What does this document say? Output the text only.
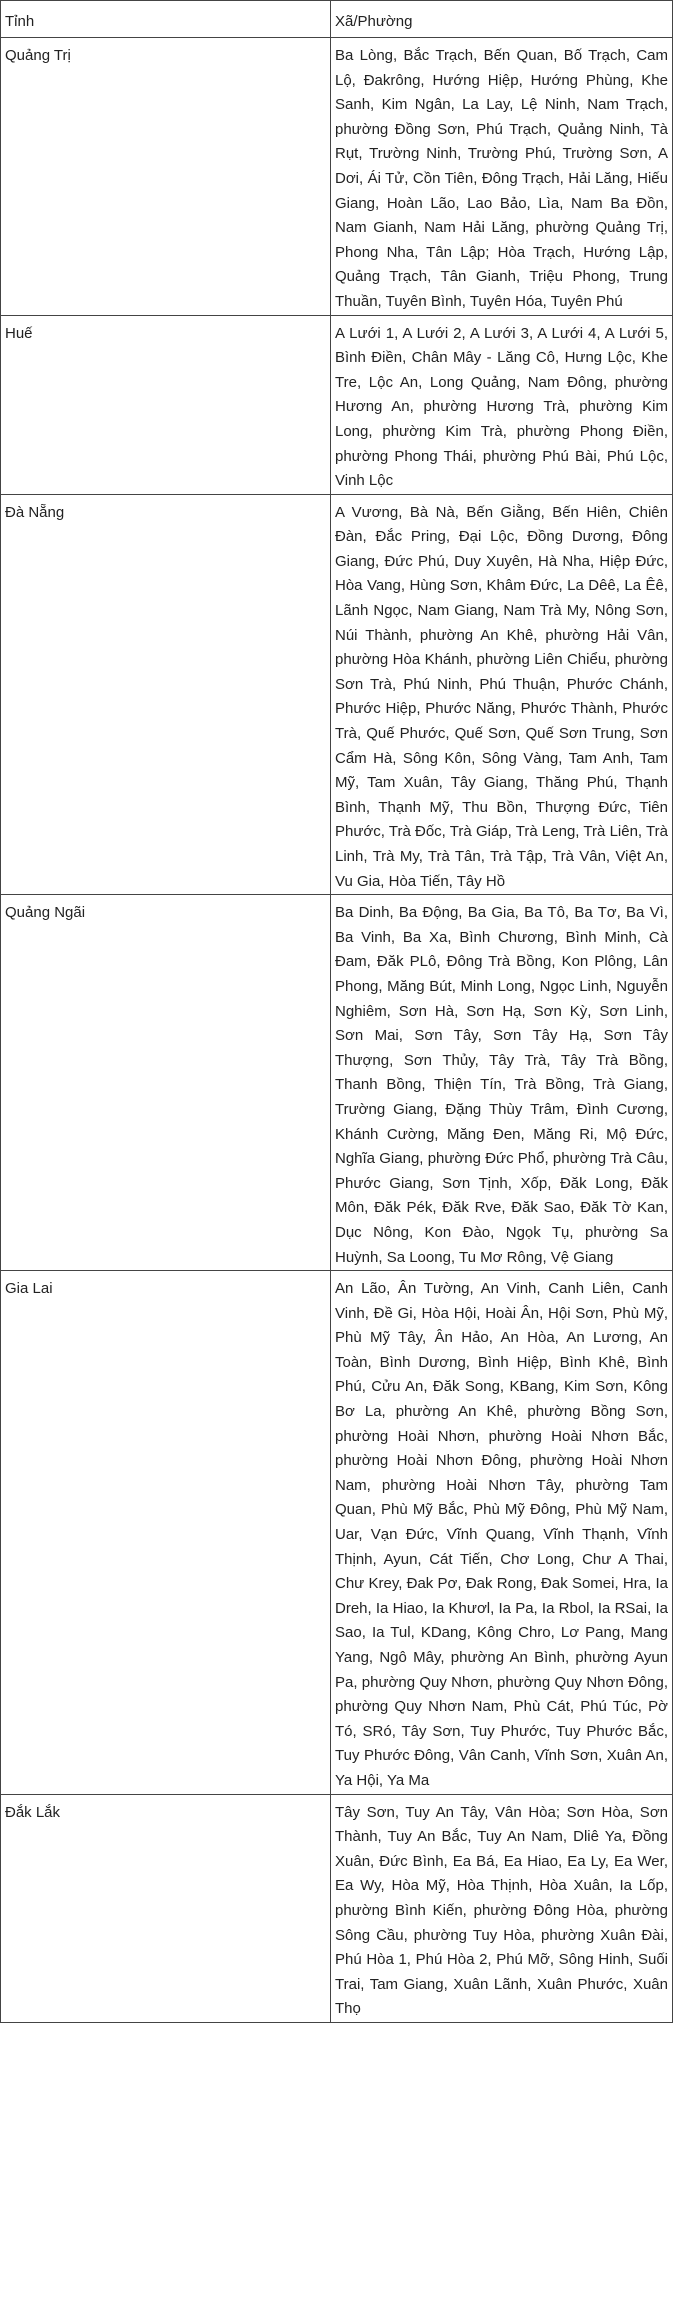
Tỉnh	Xã/Phường
Quảng Trị	Ba Lòng, Bắc Trạch, Bến Quan, Bố Trạch, Cam Lộ, Đakrông, Hướng Hiệp, Hướng Phùng, Khe Sanh, Kim Ngân, La Lay, Lệ Ninh, Nam Trạch, phường Đồng Sơn, Phú Trạch, Quảng Ninh, Tà Rụt, Trường Ninh, Trường Phú, Trường Sơn, A Dơi, Ái Tử, Cồn Tiên, Đông Trạch, Hải Lăng, Hiếu Giang, Hoàn Lão, Lao Bảo, Lìa, Nam Ba Đồn, Nam Gianh, Nam Hải Lăng, phường Quảng Trị, Phong Nha, Tân Lập; Hòa Trạch, Hướng Lập, Quảng Trạch, Tân Gianh, Triệu Phong, Trung Thuần, Tuyên Bình, Tuyên Hóa, Tuyên Phú
Huế	A Lưới 1, A Lưới 2, A Lưới 3, A Lưới 4, A Lưới 5, Bình Điền, Chân Mây - Lăng Cô, Hưng Lộc, Khe Tre, Lộc An, Long Quảng, Nam Đông, phường Hương An, phường Hương Trà, phường Kim Long, phường Kim Trà, phường Phong Điền, phường Phong Thái, phường Phú Bài, Phú Lộc, Vinh Lộc
Đà Nẵng	A Vương, Bà Nà, Bến Giằng, Bến Hiên, Chiên Đàn, Đắc Pring, Đại Lộc, Đồng Dương, Đông Giang, Đức Phú, Duy Xuyên, Hà Nha, Hiệp Đức, Hòa Vang, Hùng Sơn, Khâm Đức, La Dêê, La Êê, Lãnh Ngọc, Nam Giang, Nam Trà My, Nông Sơn, Núi Thành, phường An Khê, phường Hải Vân, phường Hòa Khánh, phường Liên Chiểu, phường Sơn Trà, Phú Ninh, Phú Thuận, Phước Chánh, Phước Hiệp, Phước Năng, Phước Thành, Phước Trà, Quế Phước, Quế Sơn, Quế Sơn Trung, Sơn Cẩm Hà, Sông Kôn, Sông Vàng, Tam Anh, Tam Mỹ, Tam Xuân, Tây Giang, Thăng Phú, Thạnh Bình, Thạnh Mỹ, Thu Bồn, Thượng Đức, Tiên Phước, Trà Đốc, Trà Giáp, Trà Leng, Trà Liên, Trà Linh, Trà My, Trà Tân, Trà Tập, Trà Vân, Việt An, Vu Gia, Hòa Tiến, Tây Hồ
Quảng Ngãi	Ba Dinh, Ba Động, Ba Gia, Ba Tô, Ba Tơ, Ba Vì, Ba Vinh, Ba Xa, Bình Chương, Bình Minh, Cà Đam, Đăk PLô, Đông Trà Bồng, Kon Plông, Lân Phong, Măng Bút, Minh Long, Ngọc Linh, Nguyễn Nghiêm, Sơn Hà, Sơn Hạ, Sơn Kỳ, Sơn Linh, Sơn Mai, Sơn Tây, Sơn Tây Hạ, Sơn Tây Thượng, Sơn Thủy, Tây Trà, Tây Trà Bồng, Thanh Bồng, Thiện Tín, Trà Bồng, Trà Giang, Trường Giang, Đặng Thùy Trâm, Đình Cương, Khánh Cường, Măng Đen, Măng Ri, Mộ Đức, Nghĩa Giang, phường Đức Phổ, phường Trà Câu, Phước Giang, Sơn Tịnh, Xốp, Đăk Long, Đăk Môn, Đăk Pék, Đăk Rve, Đăk Sao, Đăk Tờ Kan, Dục Nông, Kon Đào, Ngọk Tụ, phường Sa Huỳnh, Sa Loong, Tu Mơ Rông, Vệ Giang
Gia Lai	An Lão, Ân Tường, An Vinh, Canh Liên, Canh Vinh, Đề Gi, Hòa Hội, Hoài Ân, Hội Sơn, Phù Mỹ, Phù Mỹ Tây, Ân Hảo, An Hòa, An Lương, An Toàn, Bình Dương, Bình Hiệp, Bình Khê, Bình Phú, Cửu An, Đăk Song, KBang, Kim Sơn, Kông Bơ La, phường An Khê, phường Bồng Sơn, phường Hoài Nhơn, phường Hoài Nhơn Bắc, phường Hoài Nhơn Đông, phường Hoài Nhơn Nam, phường Hoài Nhơn Tây, phường Tam Quan, Phù Mỹ Bắc, Phù Mỹ Đông, Phù Mỹ Nam, Uar, Vạn Đức, Vĩnh Quang, Vĩnh Thạnh, Vĩnh Thịnh, Ayun, Cát Tiến, Chơ Long, Chư A Thai, Chư Krey, Đak Pơ, Đak Rong, Đak Somei, Hra, Ia Dreh, Ia Hiao, Ia Khươl, Ia Pa, Ia Rbol, Ia RSai, Ia Sao, Ia Tul, KDang, Kông Chro, Lơ Pang, Mang Yang, Ngô Mây, phường An Bình, phường Ayun Pa, phường Quy Nhơn, phường Quy Nhơn Đông, phường Quy Nhơn Nam, Phù Cát, Phú Túc, Pờ Tó, SRó, Tây Sơn, Tuy Phước, Tuy Phước Bắc, Tuy Phước Đông, Vân Canh, Vĩnh Sơn, Xuân An, Ya Hội, Ya Ma
Đắk Lắk	Tây Sơn, Tuy An Tây, Vân Hòa; Sơn Hòa, Sơn Thành, Tuy An Bắc, Tuy An Nam, Dliê Ya, Đồng Xuân, Đức Bình, Ea Bá, Ea Hiao, Ea Ly, Ea Wer, Ea Wy, Hòa Mỹ, Hòa Thịnh, Hòa Xuân, Ia Lốp, phường Bình Kiến, phường Đông Hòa, phường Sông Cầu, phường Tuy Hòa, phường Xuân Đài, Phú Hòa 1, Phú Hòa 2, Phú Mỡ, Sông Hinh, Suối Trai, Tam Giang, Xuân Lãnh, Xuân Phước, Xuân Thọ
